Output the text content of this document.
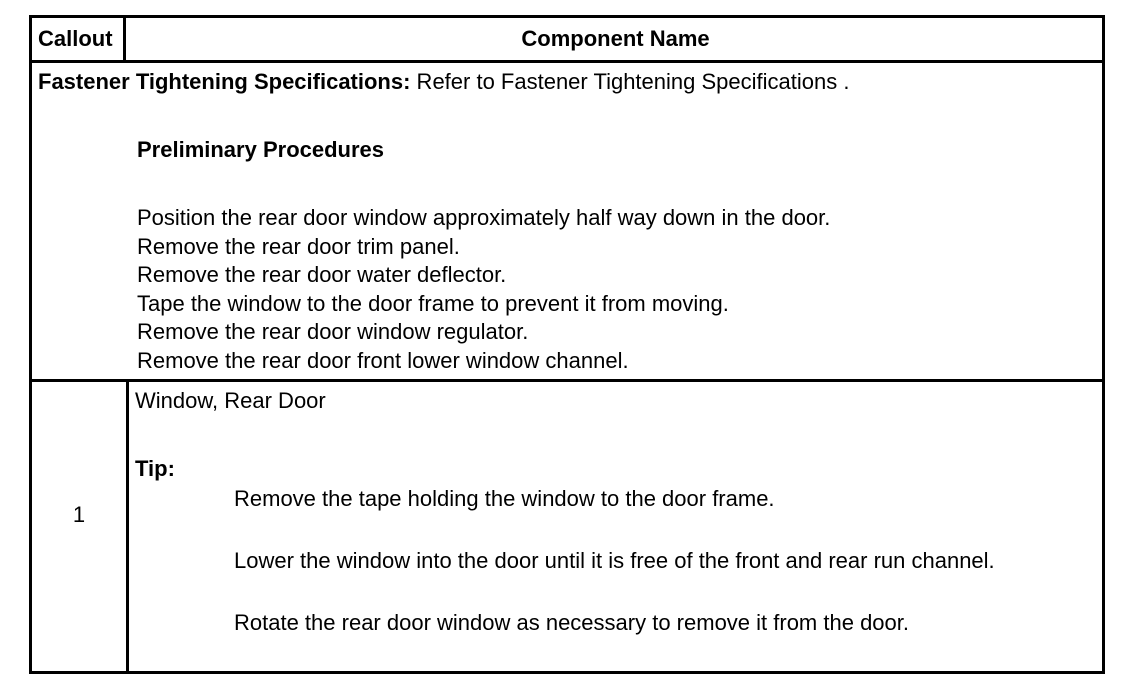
Callout	Component Name
Fastener Tightening Specifications: Refer to Fastener Tightening Specifications .
Preliminary Procedures
Position the rear door window approximately half way down in the door.
Remove the rear door trim panel.
Remove the rear door water deflector.
Tape the window to the door frame to prevent it from moving.
Remove the rear door window regulator.
Remove the rear door front lower window channel.
1
Window, Rear Door
Tip:
Remove the tape holding the window to the door frame.
Lower the window into the door until it is free of the front and rear run channel.
Rotate the rear door window as necessary to remove it from the door.
